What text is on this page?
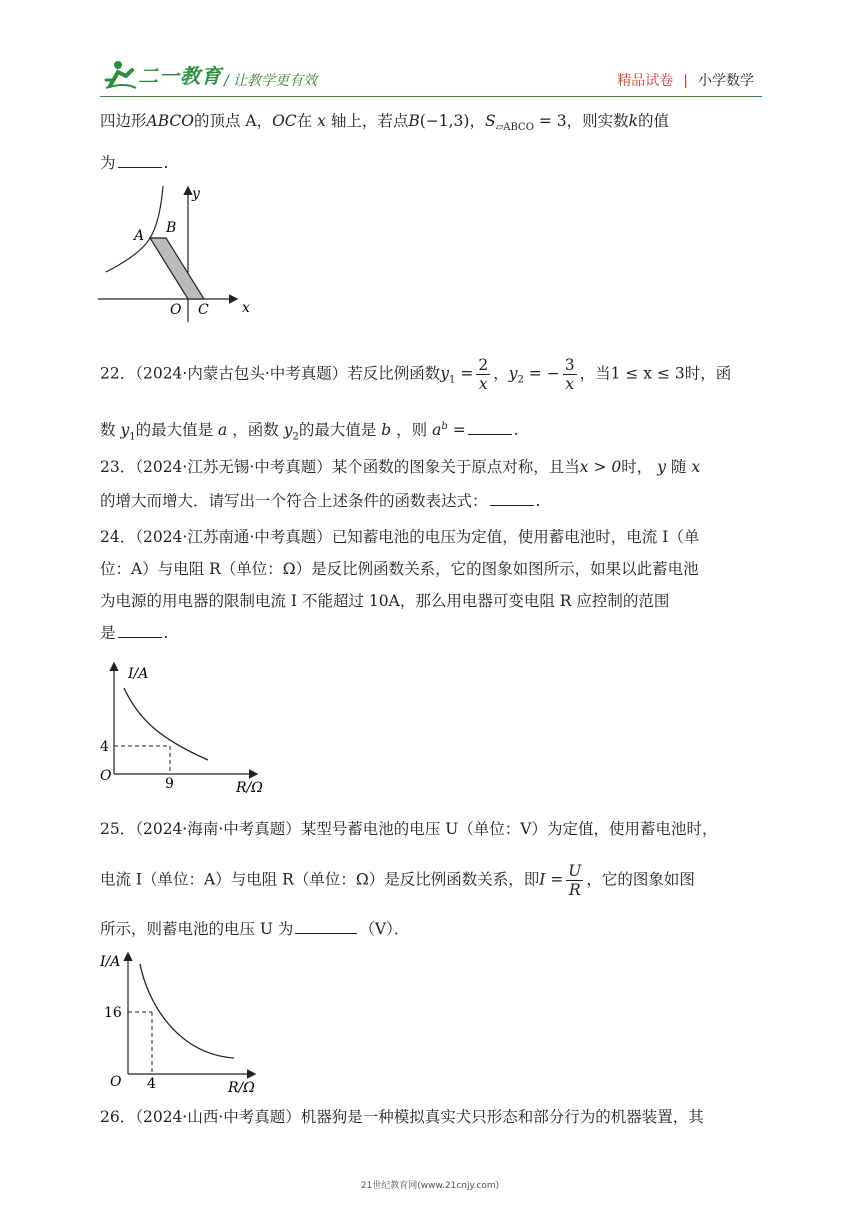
二一教育 / 让教学更有效	精品试卷 | 小学数学
四边形ABCO的顶点 A，OC在 x 轴上，若点B(−1,3)，$S_{▱ABCO} = 3$，则实数k的值
为	.
x
y
A B
O C
22．（2024·内蒙古包头·中考真题）若反比例函数$y_1 = \frac{2}{x}$ ，$y_2$ = − $\frac{3}{x}$ ，当1 ≤ x ≤ 3时，函
数 $y_1$的最大值是 a ，函数 $y_2$的最大值是 b ，则 $a^b$ =	.
23．（2024·江苏无锡·中考真题）某个函数的图象关于原点对称，且当x > 0时， y 随 x
的增大而增大．请写出一个符合上述条件的函数表达式：	.
24．（2024·江苏南通·中考真题）已知蓄电池的电压为定值，使用蓄电池时，电流 I（单
位：A）与电阻 R（单位：Ω）是反比例函数关系，它的图象如图所示，如果以此蓄电池
为电源的用电器的限制电流 I 不能超过 10A，那么用电器可变电阻 R 应控制的范围
是	.
I/A
R/Ω
O
4
9
25．（2024·海南·中考真题）某型号蓄电池的电压 U（单位：V）为定值，使用蓄电池时，
电流 I（单位：A）与电阻 R（单位：Ω）是反比例函数关系，即$I = \frac{U}{R}$ ，它的图象如图
所示，则蓄电池的电压 U 为	（V）．
I/A
R/Ω
O
16
4
26．（2024·山西·中考真题）机器狗是一种模拟真实犬只形态和部分行为的机器装置，其
21世纪教育网(www.21cnjy.com)
